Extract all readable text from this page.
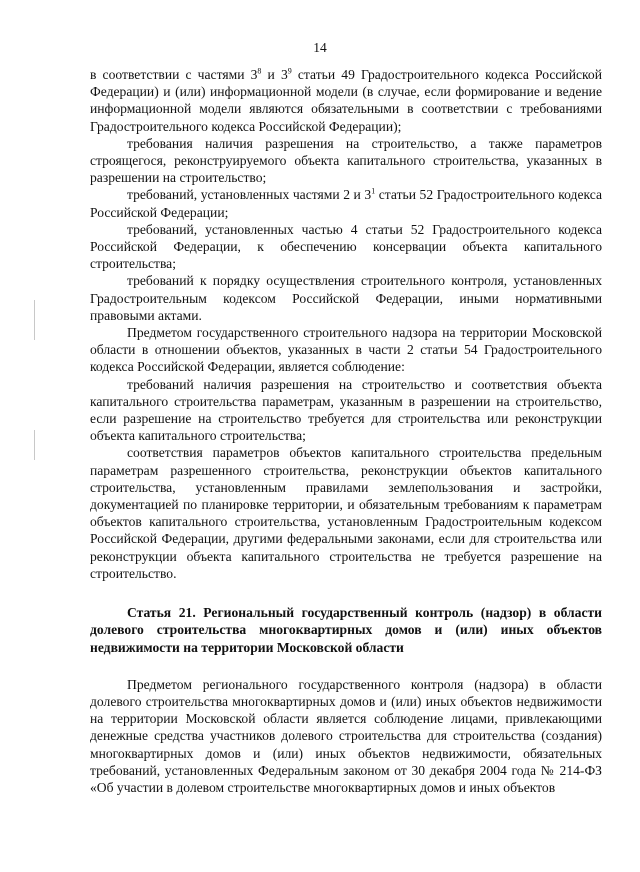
14

в соответствии с частями $3^8$ и $3^9$ статьи 49 Градостроительного кодекса Российской Федерации) и (или) информационной модели (в случае, если формирование и ведение информационной модели являются обязательными в соответствии с требованиями Градостроительного кодекса Российской Федерации);

требования наличия разрешения на строительство, а также параметров строящегося, реконструируемого объекта капитального строительства, указанных в разрешении на строительство;

требований, установленных частями 2 и $3^1$ статьи 52 Градостроительного кодекса Российской Федерации;

требований, установленных частью 4 статьи 52 Градостроительного кодекса Российской Федерации, к обеспечению консервации объекта капитального строительства;

требований к порядку осуществления строительного контроля, установленных Градостроительным кодексом Российской Федерации, иными нормативными правовыми актами.

Предметом государственного строительного надзора на территории Московской области в отношении объектов, указанных в части 2 статьи 54 Градостроительного кодекса Российской Федерации, является соблюдение:

требований наличия разрешения на строительство и соответствия объекта капитального строительства параметрам, указанным в разрешении на строительство, если разрешение на строительство требуется для строительства или реконструкции объекта капитального строительства;

соответствия параметров объектов капитального строительства предельным параметрам разрешенного строительства, реконструкции объектов капитального строительства, установленным правилами землепользования и застройки, документацией по планировке территории, и обязательным требованиям к параметрам объектов капитального строительства, установленным Градостроительным кодексом Российской Федерации, другими федеральными законами, если для строительства или реконструкции объекта капитального строительства не требуется разрешение на строительство.

Статья 21. Региональный государственный контроль (надзор) в области долевого строительства многоквартирных домов и (или) иных объектов недвижимости на территории Московской области

Предметом регионального государственного контроля (надзора) в области долевого строительства многоквартирных домов и (или) иных объектов недвижимости на территории Московской области является соблюдение лицами, привлекающими денежные средства участников долевого строительства для строительства (создания) многоквартирных домов и (или) иных объектов недвижимости, обязательных требований, установленных Федеральным законом от 30 декабря 2004 года № 214-ФЗ «Об участии в долевом строительстве многоквартирных домов и иных объектов
